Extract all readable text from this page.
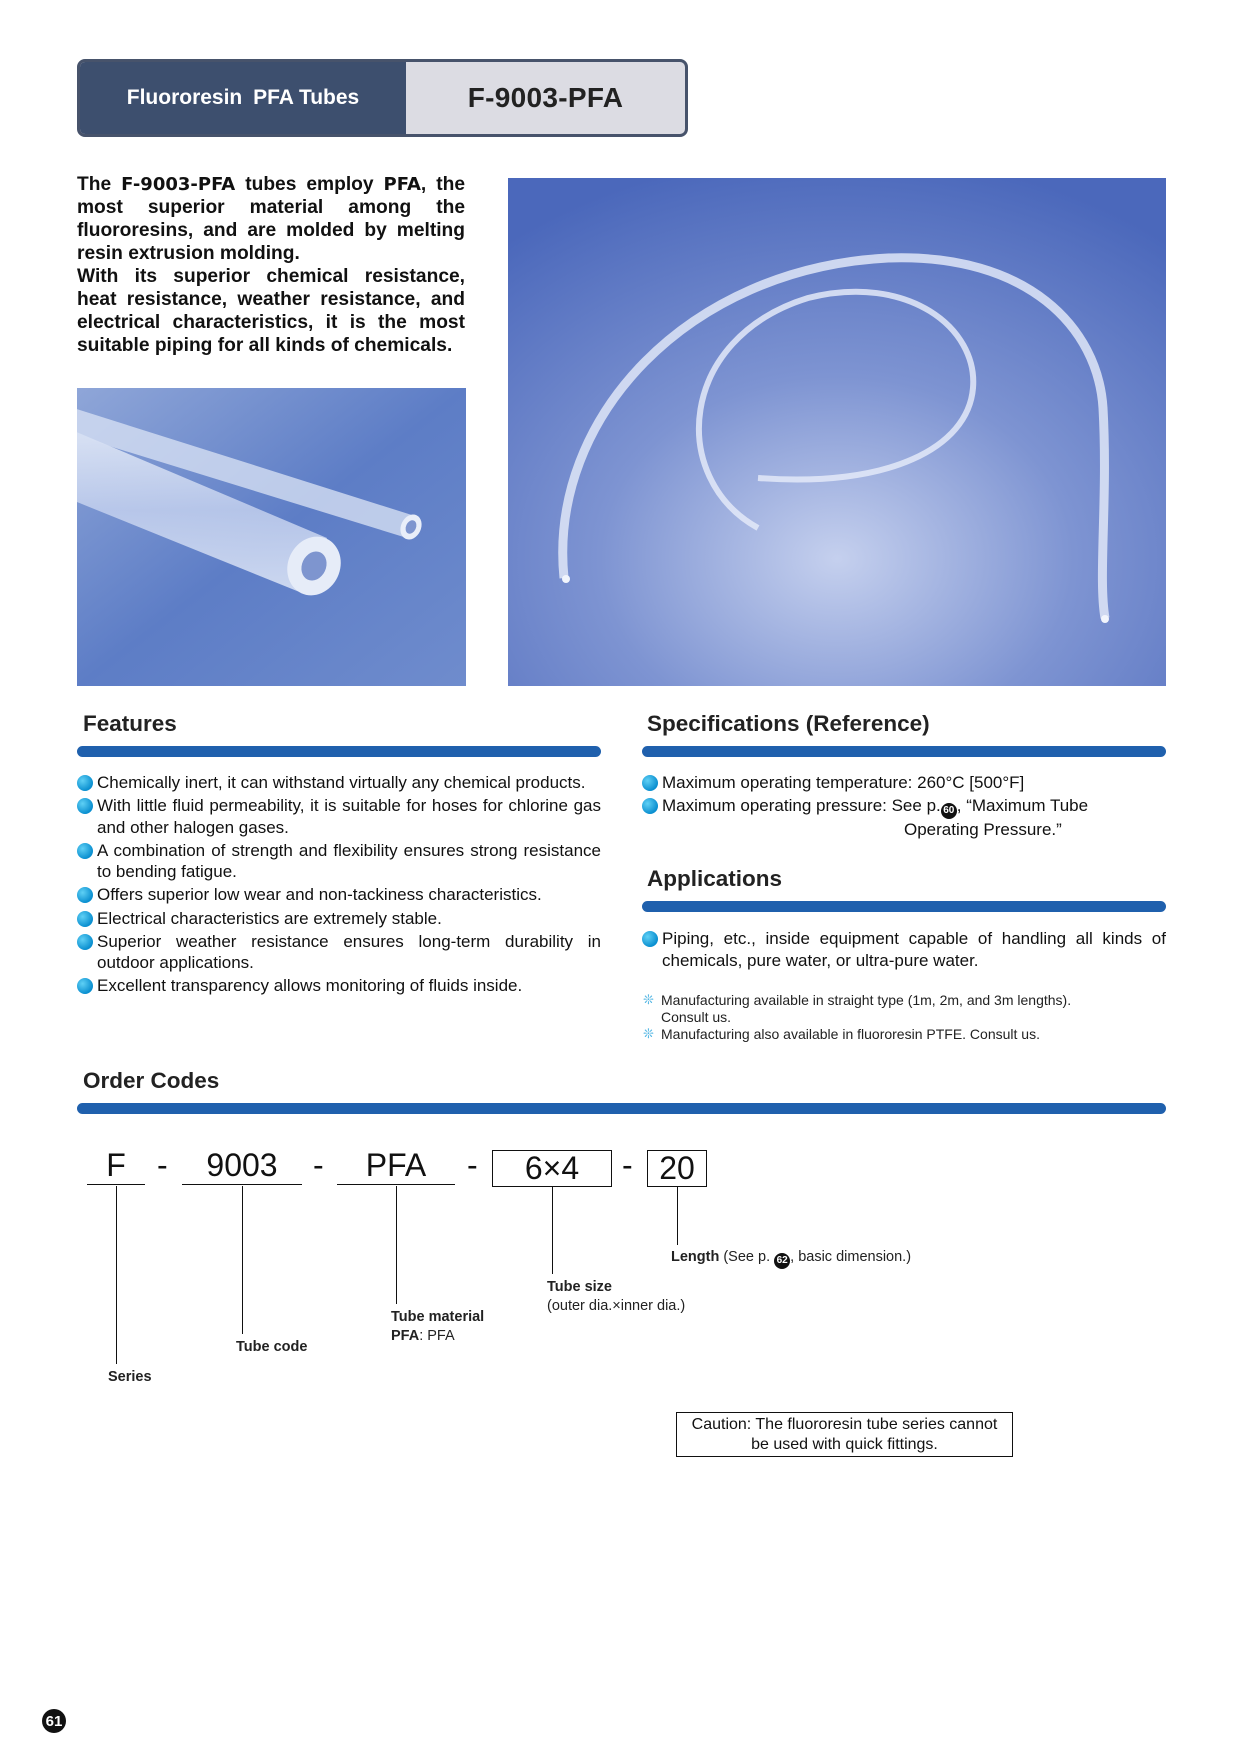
Fluororesin
PFA Tubes	F-9003-PFA

The F-9003-PFA tubes employ PFA, the most superior material among the fluororesins, and are molded by melting resin extrusion molding.

With its superior chemical resistance, heat resistance, weather resistance, and electrical characteristics, it is the most suitable piping for all kinds of chemicals.

Features
Chemically inert, it can withstand virtually any chemical products.
With little fluid permeability, it is suitable for hoses for chlorine gas and other halogen gases.
A combination of strength and flexibility ensures strong resistance to bending fatigue.
Offers superior low wear and non-tackiness characteristics.
Electrical characteristics are extremely stable.
Superior weather resistance ensures long-term durability in outdoor applications.
Excellent transparency allows monitoring of fluids inside.
Specifications (Reference)
Maximum operating temperature: 260°C [500°F]
Maximum operating pressure: See p. 60 , “Maximum Tube
Operating Pressure.”
Applications
Piping, etc., inside equipment capable of handling all kinds of chemicals, pure water, or ultra-pure water.
❊ Manufacturing available in straight type (1m, 2m, and 3m lengths).
Consult us.
❊ Manufacturing also available in fluororesin PTFE. Consult us.
Order Codes
F -	9003	-	PFA	-	6×4	- 20
Length (See p. 62 , basic dimension.)
Tube size
(outer dia.×inner dia.)
Tube material
PFA: PFA
Tube code
Series
Caution: The fluororesin tube series cannot
be used with quick fittings.
61
